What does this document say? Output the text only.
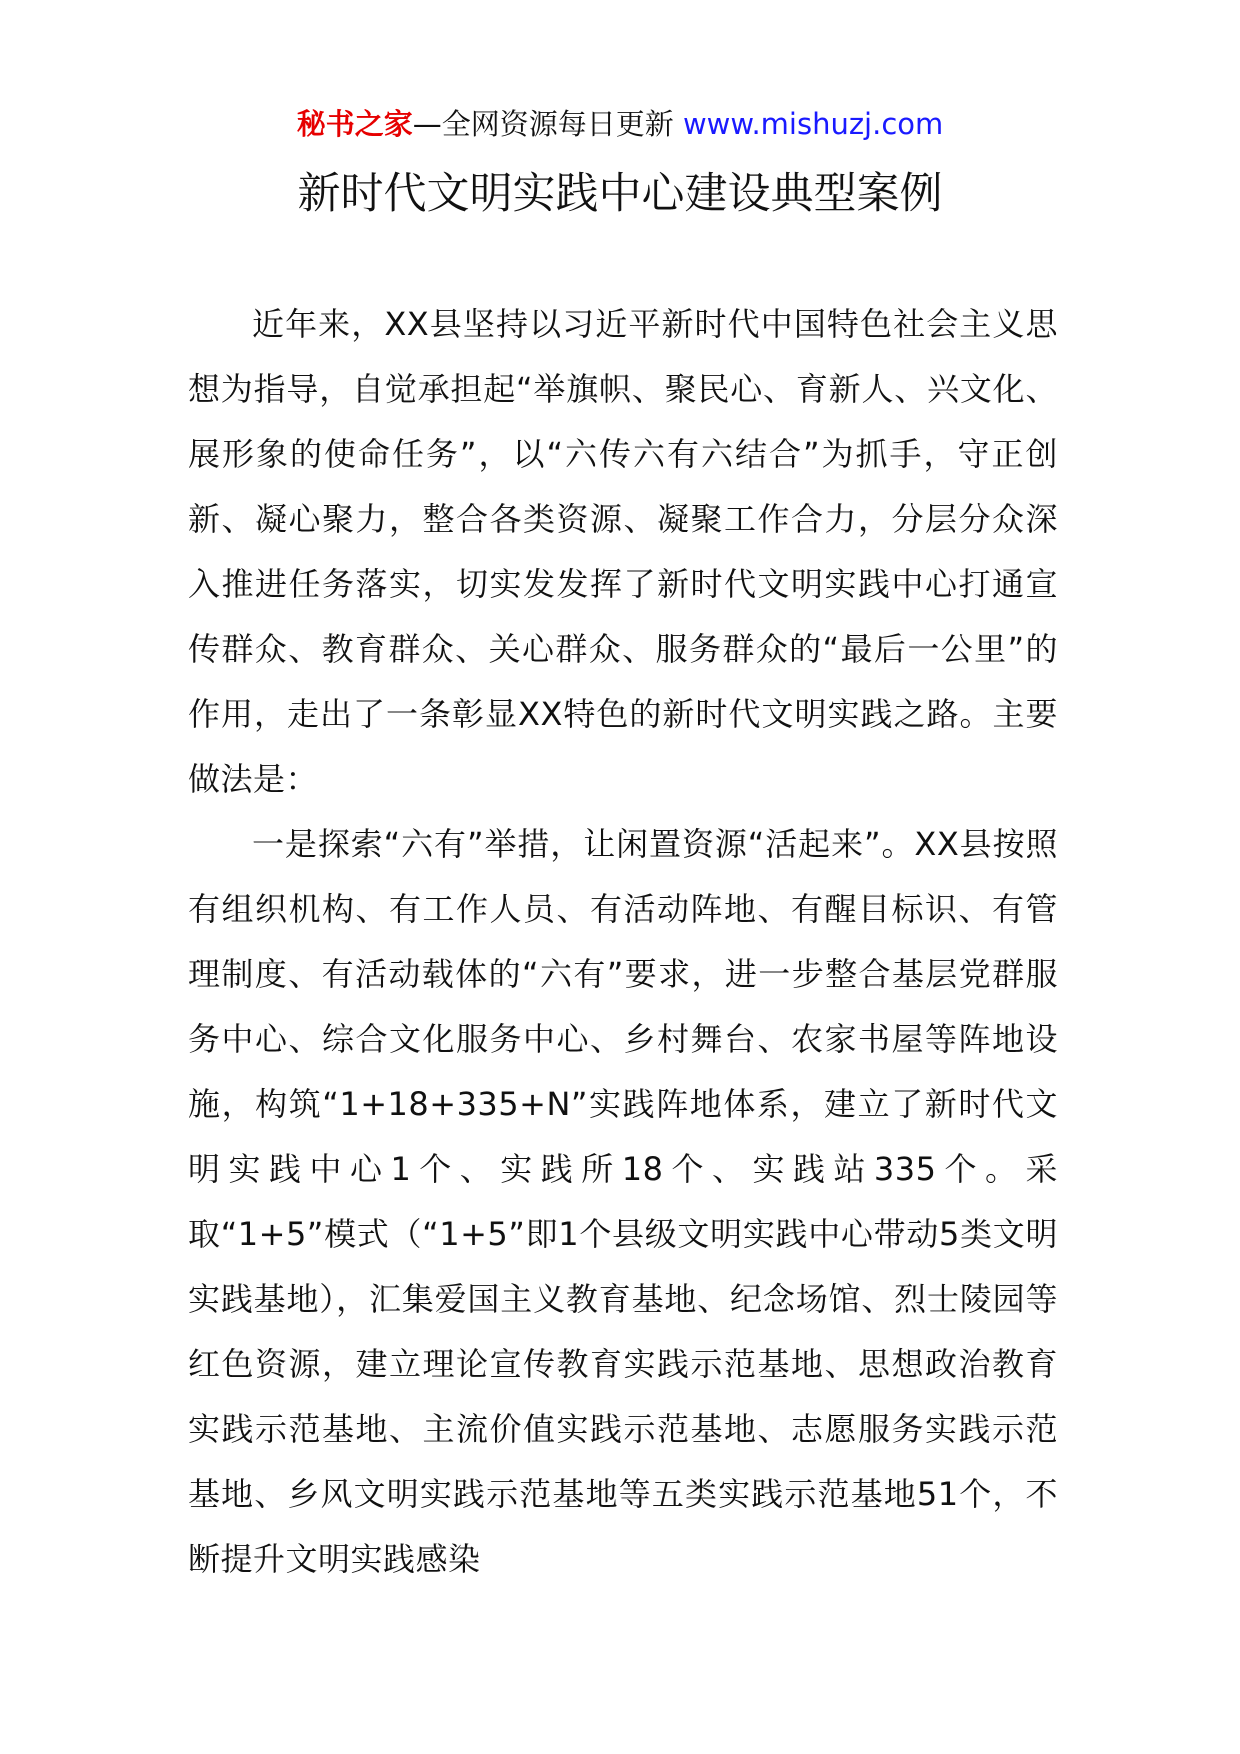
秘书之家—全网资源每日更新 www.mishuzj.com
新时代文明实践中心建设典型案例

近年来，XX县坚持以习近平新时代中国特色社会主义思想为指导，自觉承担起“举旗帜、聚民心、育新人、兴文化、展形象的使命任务”，以“六传六有六结合”为抓手，守正创新、凝心聚力，整合各类资源、凝聚工作合力，分层分众深入推进任务落实，切实发发挥了新时代文明实践中心打通宣传群众、教育群众、关心群众、服务群众的“最后一公里”的作用，走出了一条彰显XX特色的新时代文明实践之路。主要做法是：

一是探索“六有”举措，让闲置资源“活起来”。XX县按照有组织机构、有工作人员、有活动阵地、有醒目标识、有管理制度、有活动载体的“六有”要求，进一步整合基层党群服务中心、综合文化服务中心、乡村舞台、农家书屋等阵地设施，构筑“1+18+335+N”实践阵地体系，建立了新时代文明实践中心1个、实践所18个、实践站335个。采取“1+5”模式（“1+5”即1个县级文明实践中心带动5类文明实践基地），汇集爱国主义教育基地、纪念场馆、烈士陵园等红色资源，建立理论宣传教育实践示范基地、思想政治教育实践示范基地、主流价值实践示范基地、志愿服务实践示范基地、乡风文明实践示范基地等五类实践示范基地51个，不断提升文明实践感染
